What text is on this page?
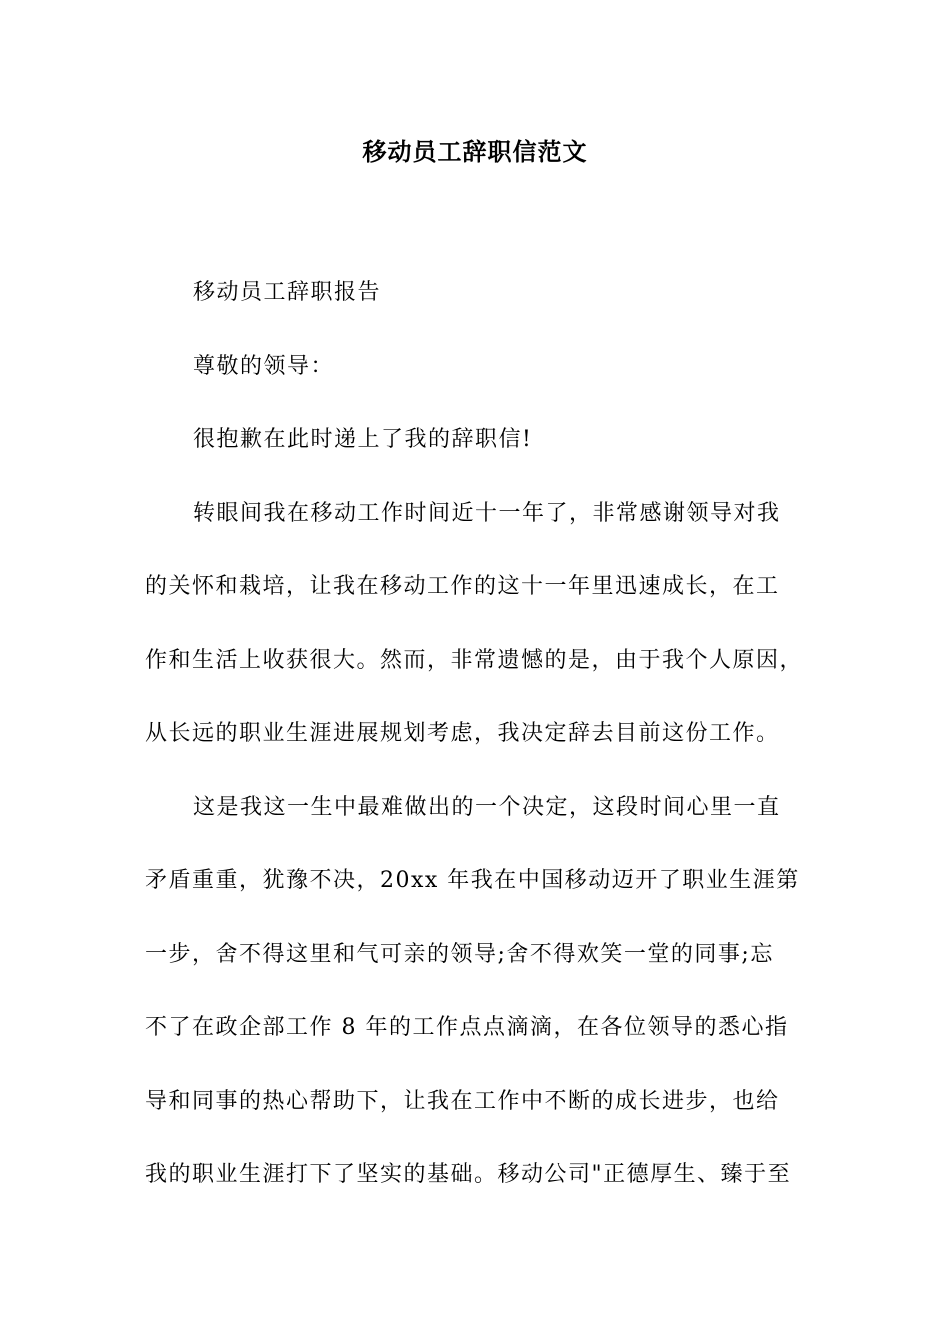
移动员工辞职信范文

移动员工辞职报告

尊敬的领导：

很抱歉在此时递上了我的辞职信!

转眼间我在移动工作时间近十一年了，非常感谢领导对我
的关怀和栽培，让我在移动工作的这十一年里迅速成长，在工
作和生活上收获很大。然而，非常遗憾的是，由于我个人原因，
从长远的职业生涯进展规划考虑，我决定辞去目前这份工作。

这是我这一生中最难做出的一个决定，这段时间心里一直
矛盾重重，犹豫不决，20xx 年我在中国移动迈开了职业生涯第
一步，舍不得这里和气可亲的领导;舍不得欢笑一堂的同事;忘
不了在政企部工作 8 年的工作点点滴滴，在各位领导的悉心指
导和同事的热心帮助下，让我在工作中不断的成长进步，也给
我的职业生涯打下了坚实的基础。移动公司"正德厚生、臻于至
